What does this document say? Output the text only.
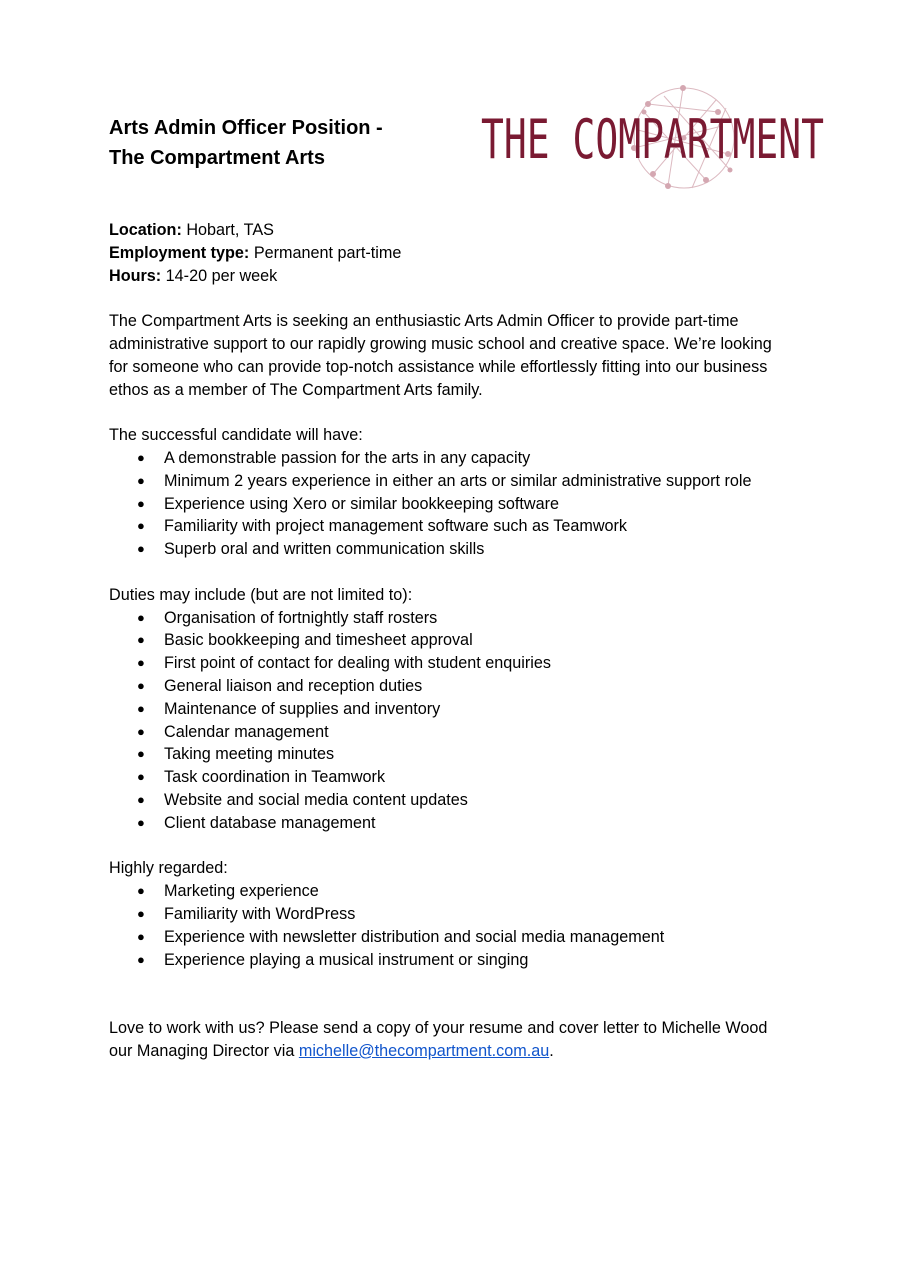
Arts Admin Officer Position -
The Compartment Arts	THE COMPARTMENT
Location: Hobart, TAS
Employment type: Permanent part-time
Hours: 14-20 per week
The Compartment Arts is seeking an enthusiastic Arts Admin Officer to provide part-time
administrative support to our rapidly growing music school and creative space. We’re looking
for someone who can provide top-notch assistance while effortlessly fitting into our business
ethos as a member of The Compartment Arts family.
The successful candidate will have:
● A demonstrable passion for the arts in any capacity
● Minimum 2 years experience in either an arts or similar administrative support role
● Experience using Xero or similar bookkeeping software
● Familiarity with project management software such as Teamwork
● Superb oral and written communication skills
Duties may include (but are not limited to):
● Organisation of fortnightly staff rosters
● Basic bookkeeping and timesheet approval
● First point of contact for dealing with student enquiries
● General liaison and reception duties
● Maintenance of supplies and inventory
● Calendar management
● Taking meeting minutes
● Task coordination in Teamwork
● Website and social media content updates
● Client database management
Highly regarded:
● Marketing experience
● Familiarity with WordPress
● Experience with newsletter distribution and social media management
● Experience playing a musical instrument or singing
Love to work with us? Please send a copy of your resume and cover letter to Michelle Wood
our Managing Director via michelle@thecompartment.com.au.
